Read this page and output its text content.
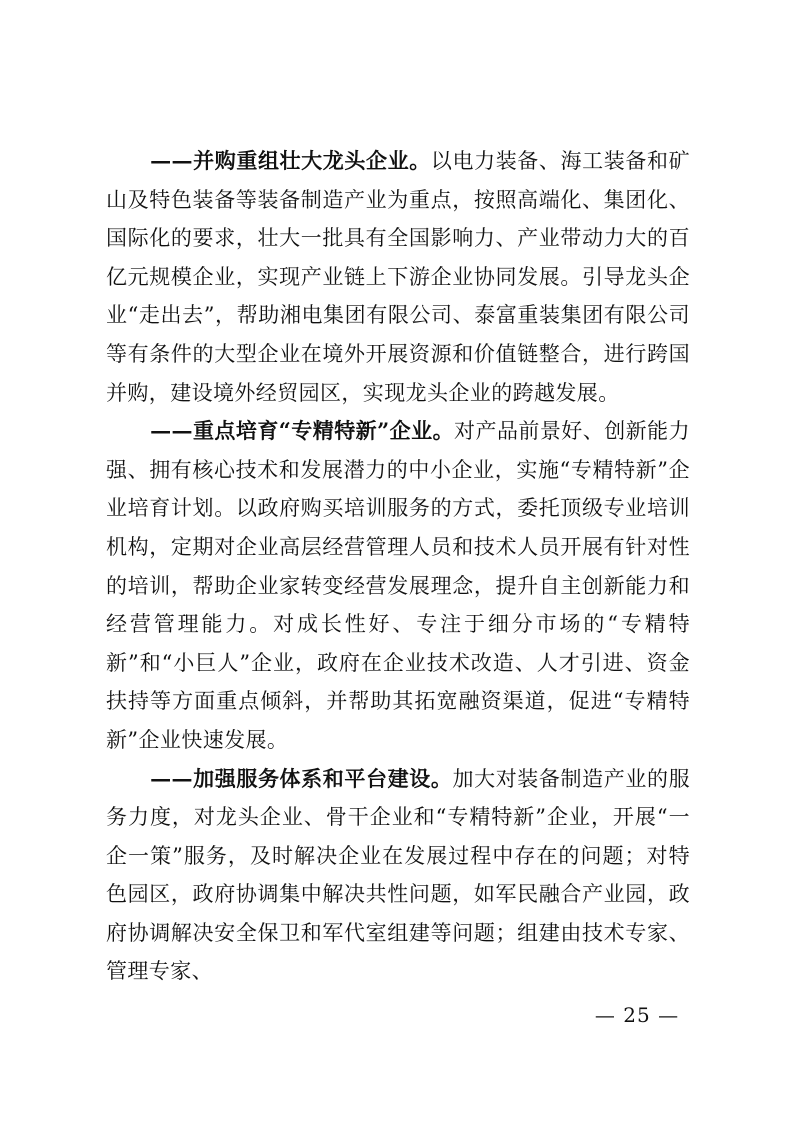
——并购重组壮大龙头企业。以电力装备、海工装备和矿山及特色装备等装备制造产业为重点，按照高端化、集团化、国际化的要求，壮大一批具有全国影响力、产业带动力大的百亿元规模企业，实现产业链上下游企业协同发展。引导龙头企业“走出去”，帮助湘电集团有限公司、泰富重装集团有限公司等有条件的大型企业在境外开展资源和价值链整合，进行跨国并购，建设境外经贸园区，实现龙头企业的跨越发展。

——重点培育“专精特新”企业。对产品前景好、创新能力强、拥有核心技术和发展潜力的中小企业，实施“专精特新”企业培育计划。以政府购买培训服务的方式，委托顶级专业培训机构，定期对企业高层经营管理人员和技术人员开展有针对性的培训，帮助企业家转变经营发展理念，提升自主创新能力和经营管理能力。对成长性好、专注于细分市场的“专精特新”和“小巨人”企业，政府在企业技术改造、人才引进、资金扶持等方面重点倾斜，并帮助其拓宽融资渠道，促进“专精特新”企业快速发展。

——加强服务体系和平台建设。加大对装备制造产业的服务力度，对龙头企业、骨干企业和“专精特新”企业，开展“一企一策”服务，及时解决企业在发展过程中存在的问题；对特色园区，政府协调集中解决共性问题，如军民融合产业园，政府协调解决安全保卫和军代室组建等问题；组建由技术专家、管理专家、

— 25 —
